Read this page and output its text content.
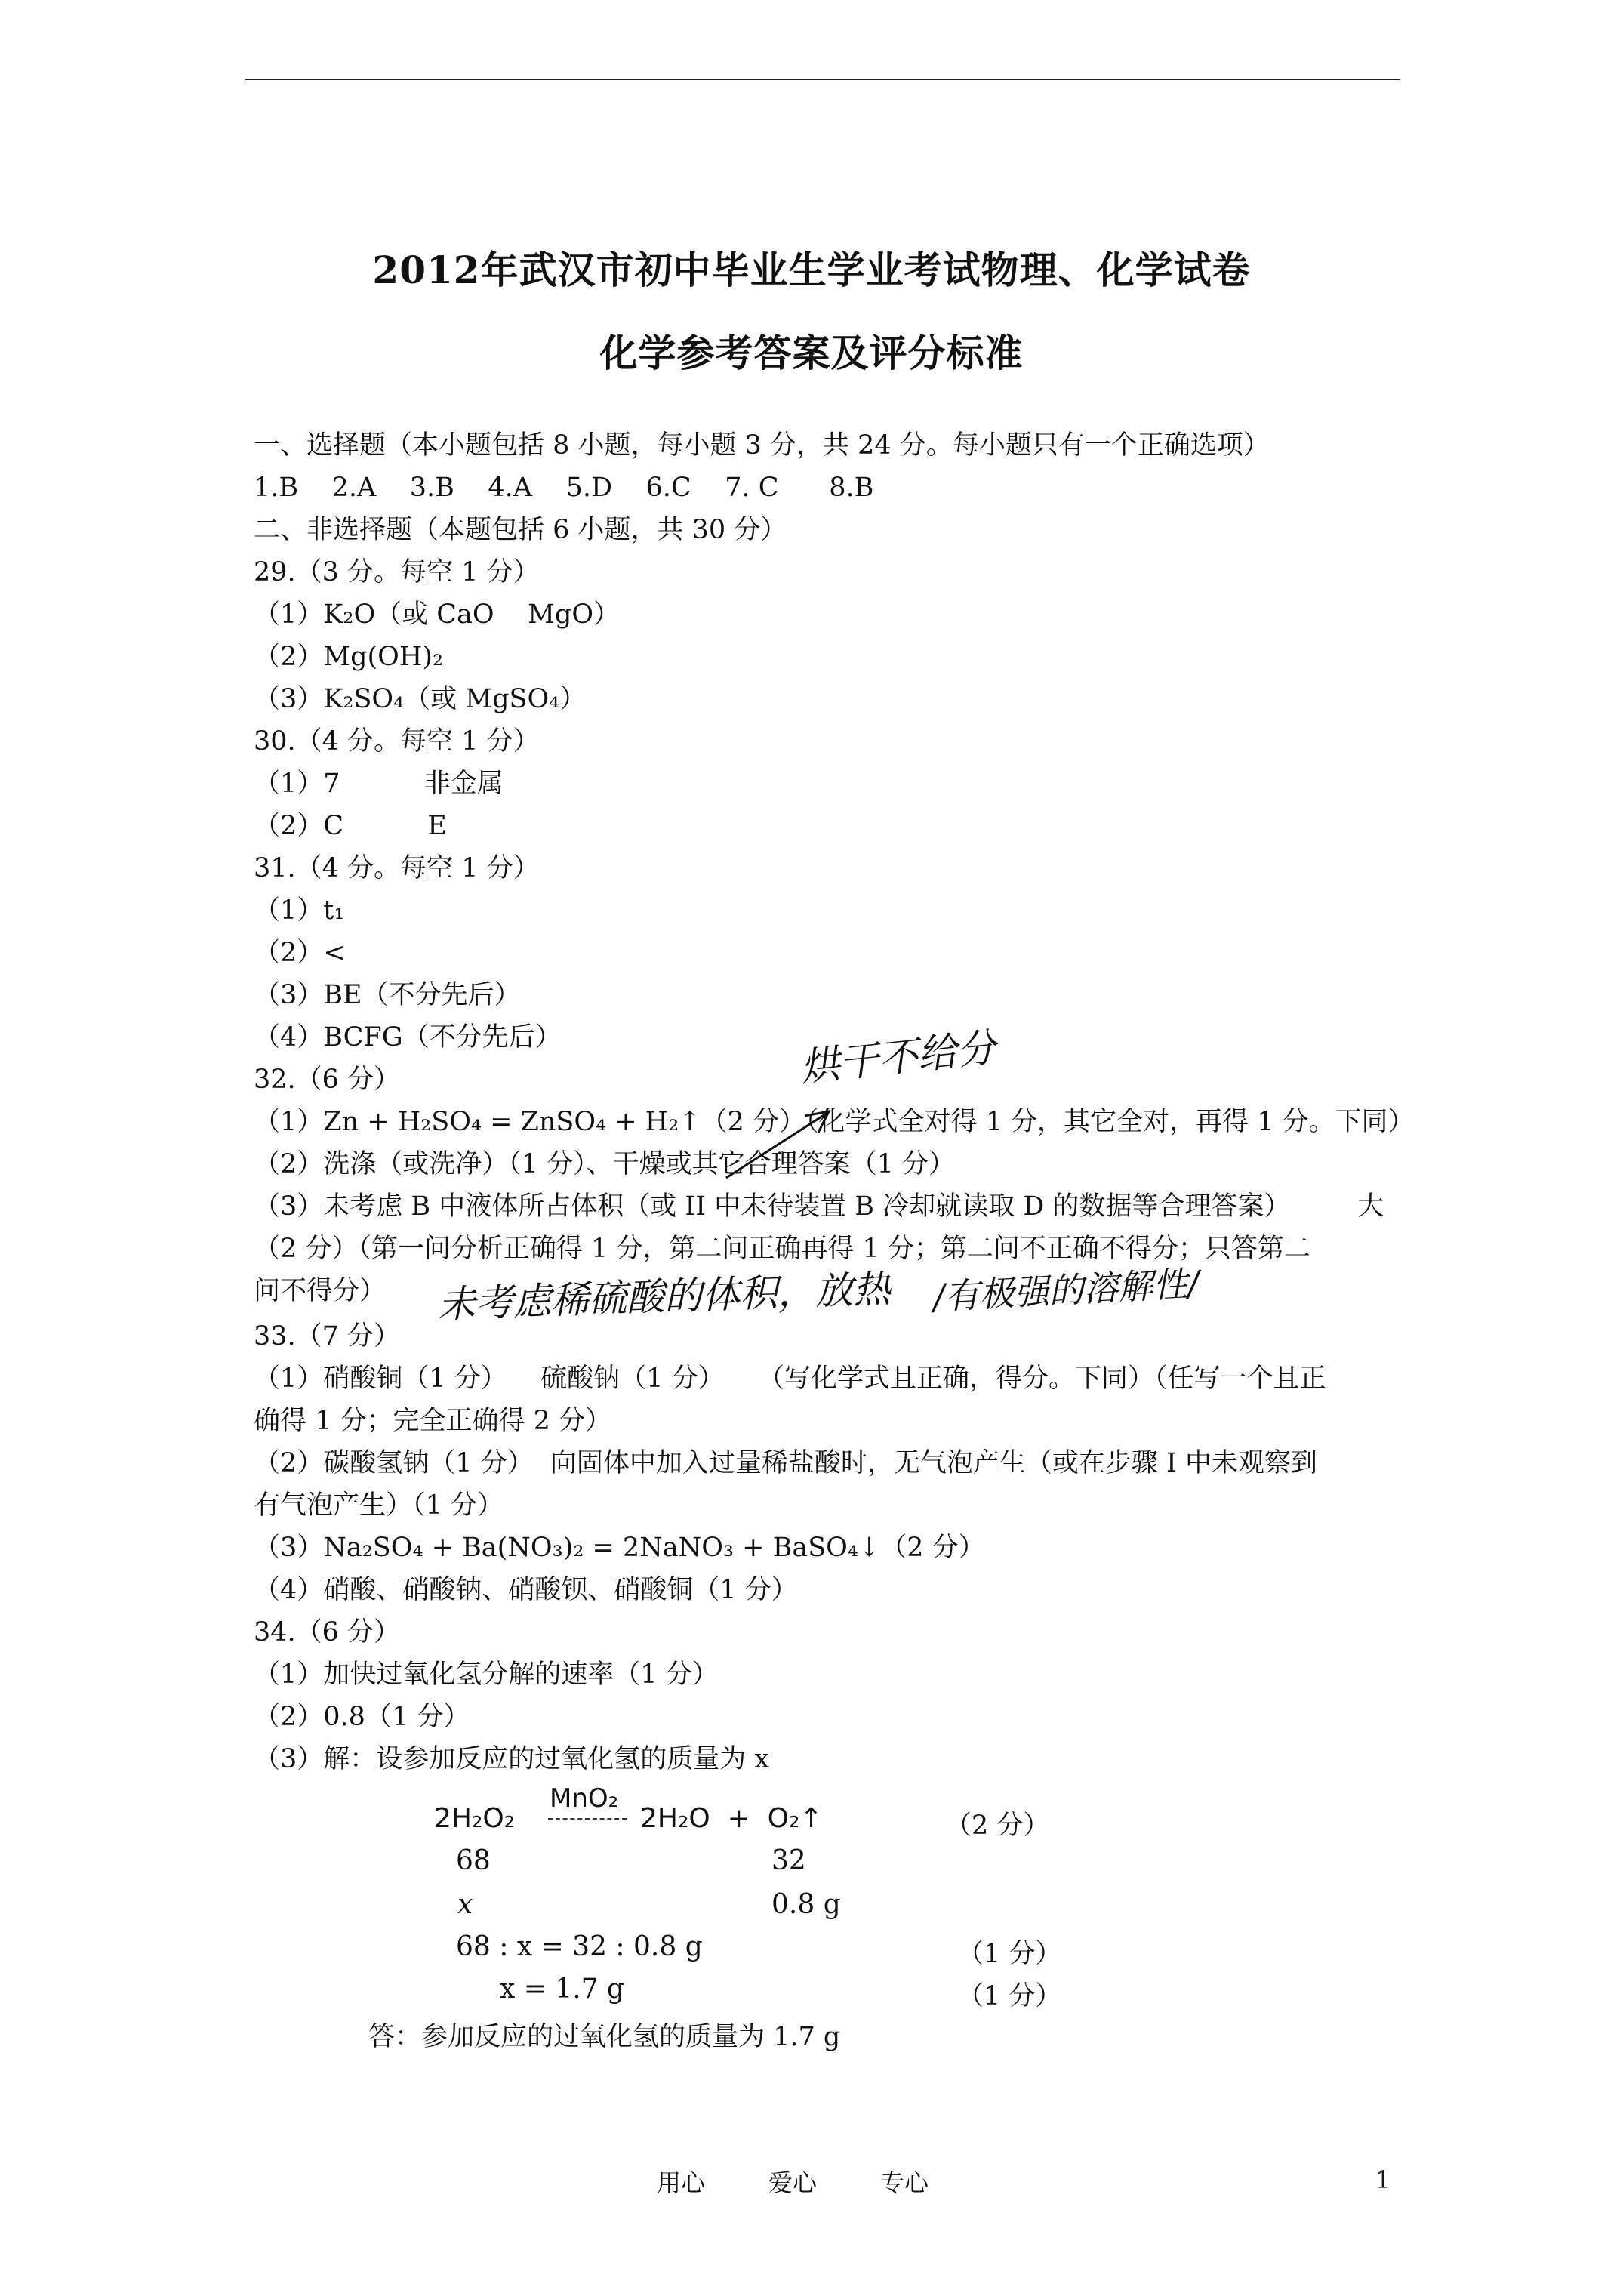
2012年武汉市初中毕业生学业考试物理、化学试卷
化学参考答案及评分标准
一、选择题（本小题包括 8 小题，每小题 3 分，共 24 分。每小题只有一个正确选项）
1.B    2.A    3.B    4.A    5.D    6.C    7. C      8.B
二、非选择题（本题包括 6 小题，共 30 分）
29.（3 分。每空 1 分）
（1）K₂O（或 CaO    MgO）
（2）Mg(OH)₂
（3）K₂SO₄（或 MgSO₄）
30.（4 分。每空 1 分）
（1）7          非金属
（2）C          E
31.（4 分。每空 1 分）
（1）t₁
（2）<
（3）BE（不分先后）
（4）BCFG（不分先后）
32.（6 分）
（1）Zn + H₂SO₄ = ZnSO₄ + H₂↑（2 分）（化学式全对得 1 分，其它全对，再得 1 分。下同）
（2）洗涤（或洗净）（1 分）、干燥或其它合理答案（1 分）
（3）未考虑 B 中液体所占体积（或 II 中未待装置 B 冷却就读取 D 的数据等合理答案）        大
（2 分）（第一问分析正确得 1 分，第二问正确再得 1 分；第二问不正确不得分；只答第二
问不得分）
33.（7 分）
（1）硝酸铜（1 分）    硫酸钠（1 分）    （写化学式且正确，得分。下同）（任写一个且正
确得 1 分；完全正确得 2 分）
（2）碳酸氢钠（1 分）  向固体中加入过量稀盐酸时，无气泡产生（或在步骤 I 中未观察到
有气泡产生）（1 分）
（3）Na₂SO₄ + Ba(NO₃)₂ = 2NaNO₃ + BaSO₄↓（2 分）
（4）硝酸、硝酸钠、硝酸钡、硝酸铜（1 分）
34.（6 分）
（1）加快过氧化氢分解的速率（1 分）
（2）0.8（1 分）
（3）解：设参加反应的过氧化氢的质量为 x
2H₂O₂
MnO₂
2H₂O  +  O₂↑	（2 分）
68	32
x	0.8 g
68 : x = 32 : 0.8 g	（1 分）
x = 1.7 g	（1 分）
答：参加反应的过氧化氢的质量为 1.7 g
烘干不给分
未考虑稀硫酸的体积，放热 /有极强的溶解性/
用心	爱心	专心	1
